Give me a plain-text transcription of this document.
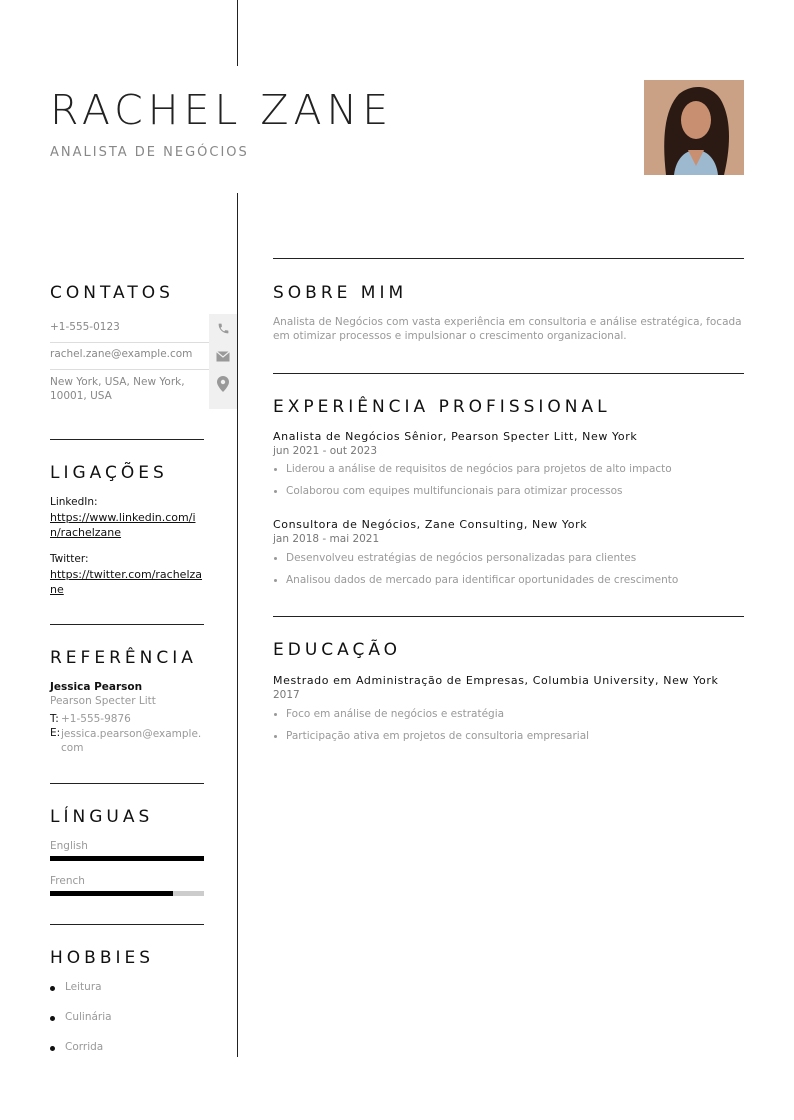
RACHEL ZANE
ANALISTA DE NEGÓCIOS
CONTATOS
+1-555-0123
rachel.zane@example.com
New York, USA, New York, 10001, USA
LIGAÇÕES
LinkedIn:
https://www.linkedin.com/in/rachelzane
Twitter:
https://twitter.com/rachelzane
REFERÊNCIA
Jessica Pearson
Pearson Specter Litt
T: +1-555-9876
E: jessica.pearson@example.com
LÍNGUAS
English
French
HOBBIES
Leitura
Culinária
Corrida
SOBRE MIM
Analista de Negócios com vasta experiência em consultoria e análise estratégica, focada em otimizar processos e impulsionar o crescimento organizacional.
EXPERIÊNCIA PROFISSIONAL
Analista de Negócios Sênior, Pearson Specter Litt, New York
jun 2021 - out 2023
Liderou a análise de requisitos de negócios para projetos de alto impacto
Colaborou com equipes multifuncionais para otimizar processos
Consultora de Negócios, Zane Consulting, New York
jan 2018 - mai 2021
Desenvolveu estratégias de negócios personalizadas para clientes
Analisou dados de mercado para identificar oportunidades de crescimento
EDUCAÇÃO
Mestrado em Administração de Empresas, Columbia University, New York
2017
Foco em análise de negócios e estratégia
Participação ativa em projetos de consultoria empresarial
